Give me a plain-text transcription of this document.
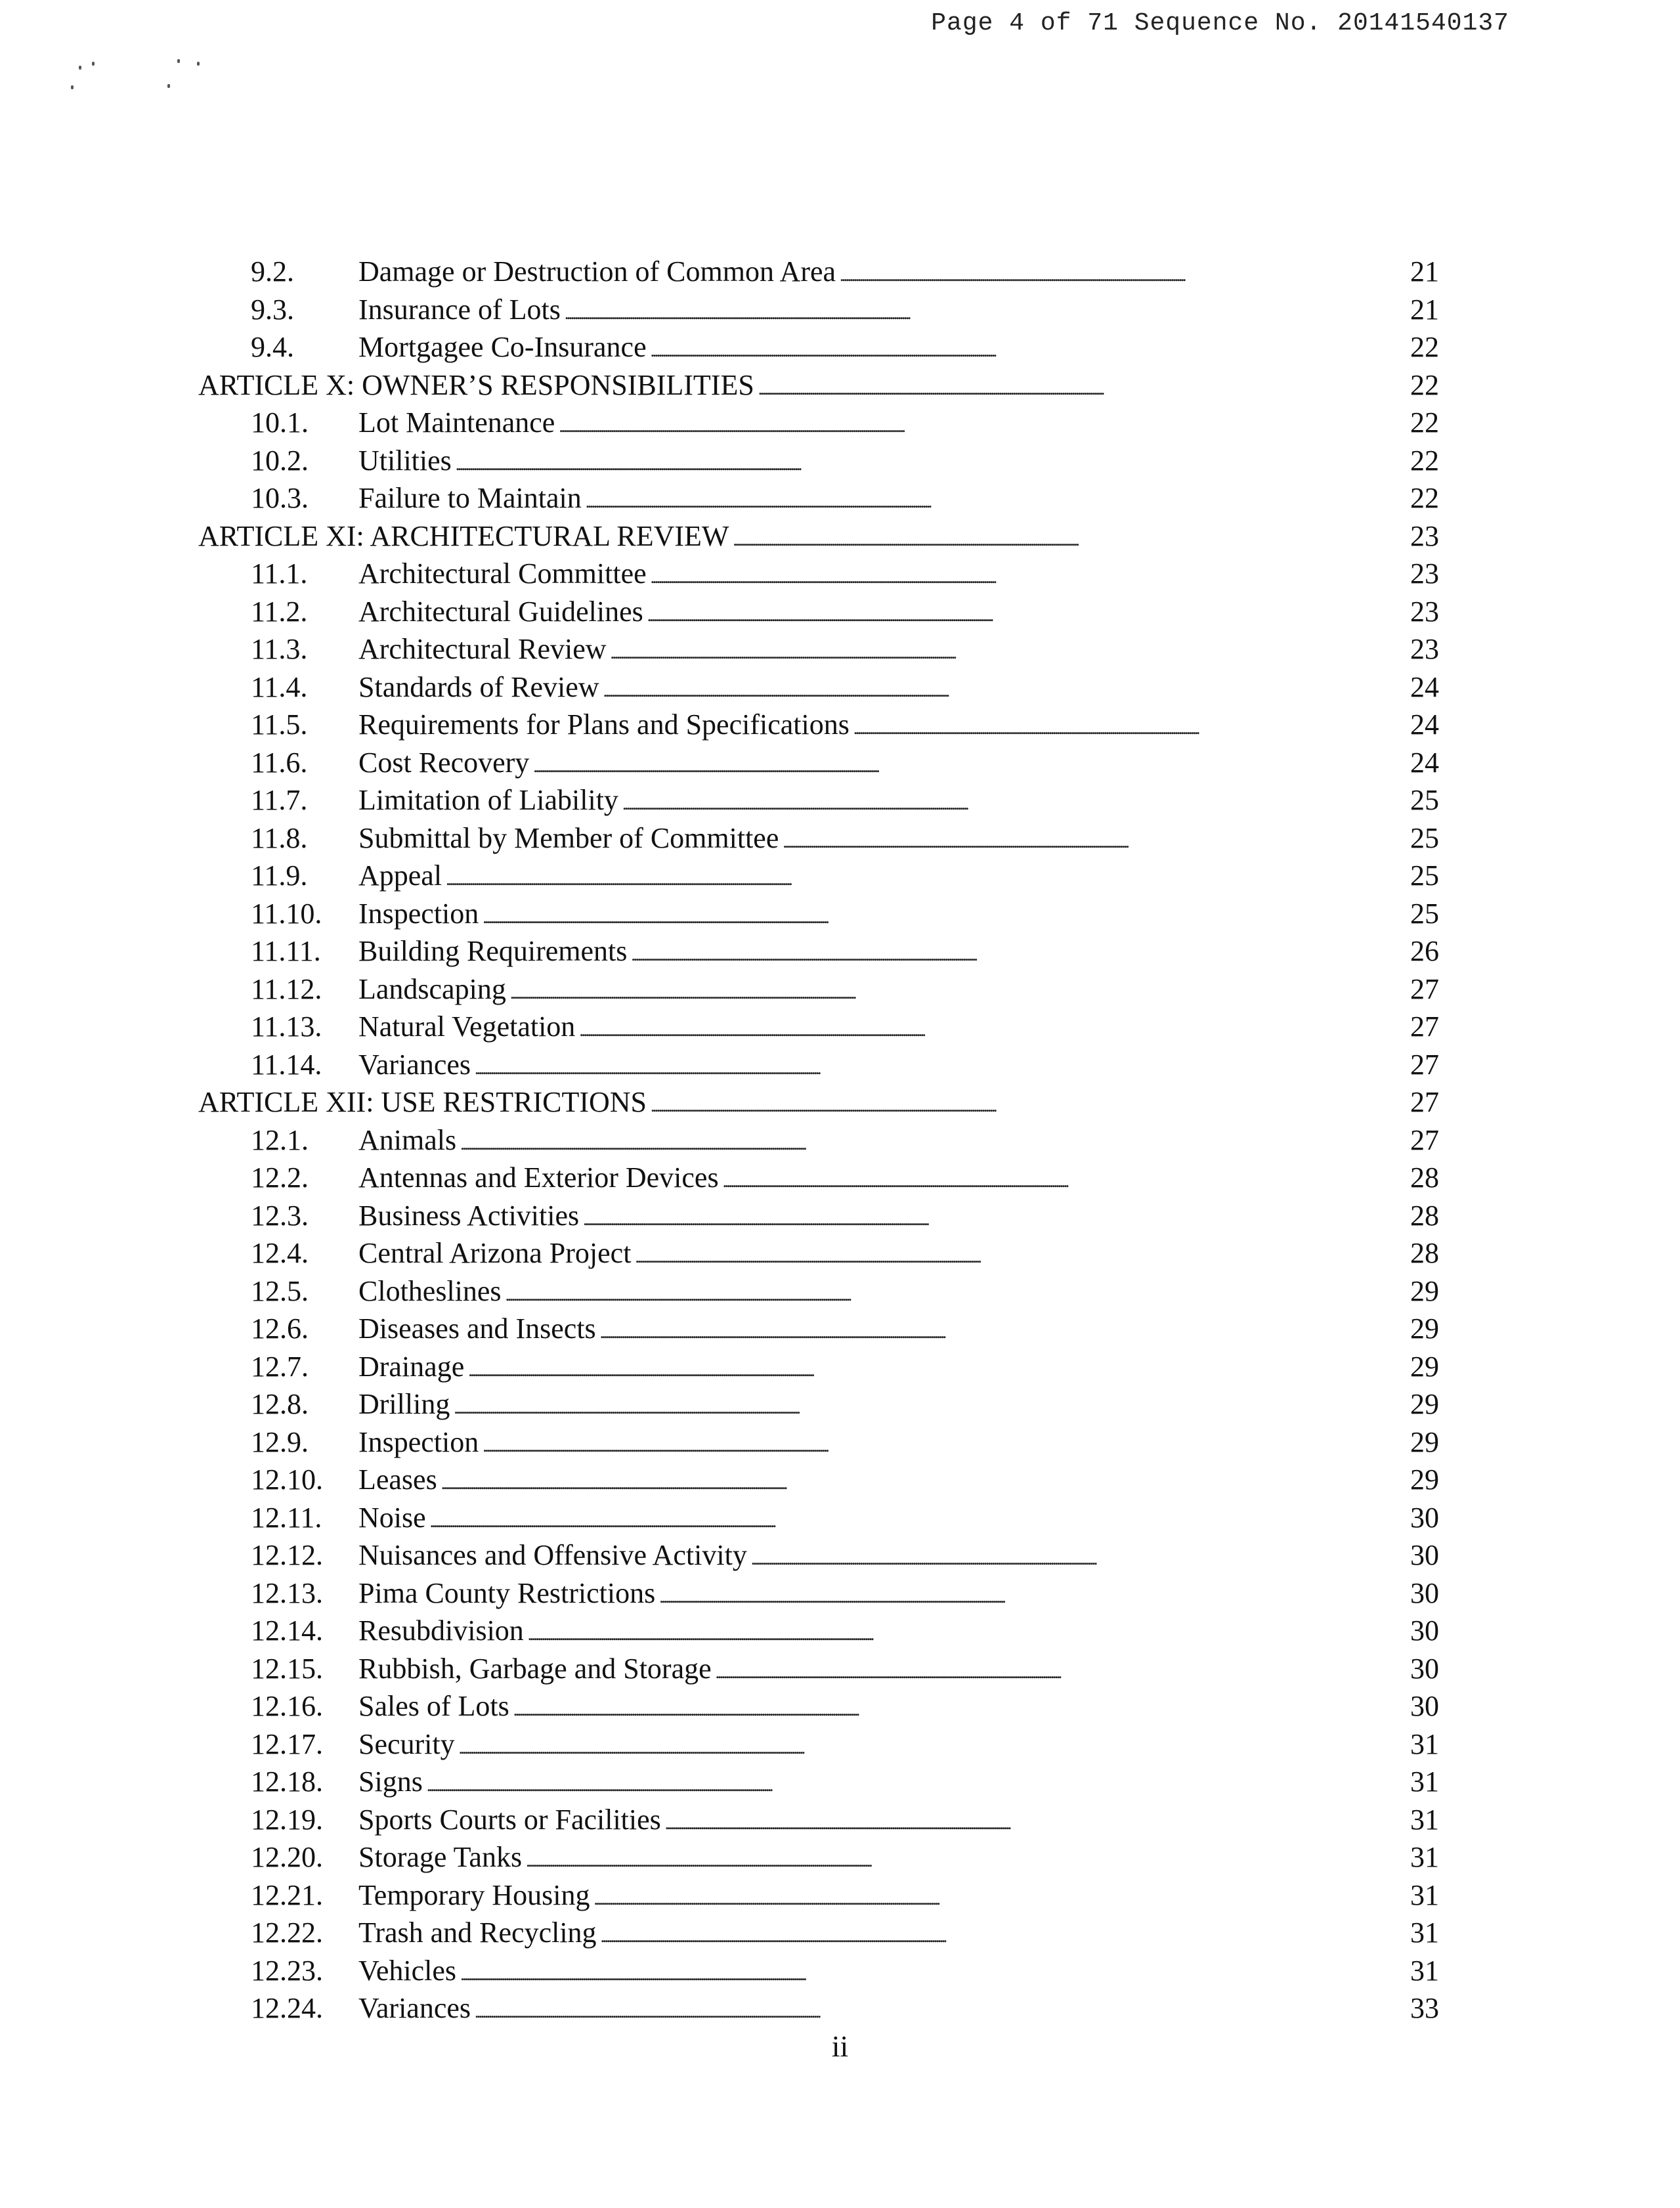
Page 4 of 71 Sequence No. 20141540137
9.2.	Damage or Destruction of Common Area . . .	21
9.3.	Insurance of Lots . . .	21
9.4.	Mortgagee Co-Insurance . . .	22
ARTICLE X: OWNER’S RESPONSIBILITIES . . .	22
10.1.	Lot Maintenance . . .	22
10.2.	Utilities . . .	22
10.3.	Failure to Maintain . . .	22
ARTICLE XI: ARCHITECTURAL REVIEW . . .	23
11.1.	Architectural Committee . . .	23
11.2.	Architectural Guidelines . . .	23
11.3.	Architectural Review . . .	23
11.4.	Standards of Review . . .	24
11.5.	Requirements for Plans and Specifications . . .	24
11.6.	Cost Recovery . . .	24
11.7.	Limitation of Liability . . .	25
11.8.	Submittal by Member of Committee . . .	25
11.9.	Appeal . . .	25
11.10.	Inspection . . .	25
11.11.	Building Requirements . . .	26
11.12.	Landscaping . . .	27
11.13.	Natural Vegetation . . .	27
11.14.	Variances . . .	27
ARTICLE XII: USE RESTRICTIONS . . .	27
12.1.	Animals . . .	27
12.2.	Antennas and Exterior Devices . . .	28
12.3.	Business Activities . . .	28
12.4.	Central Arizona Project . . .	28
12.5.	Clotheslines . . .	29
12.6.	Diseases and Insects . . .	29
12.7.	Drainage . . .	29
12.8.	Drilling . . .	29
12.9.	Inspection . . .	29
12.10.	Leases . . .	29
12.11.	Noise . . .	30
12.12.	Nuisances and Offensive Activity . . .	30
12.13.	Pima County Restrictions . . .	30
12.14.	Resubdivision . . .	30
12.15.	Rubbish, Garbage and Storage . . .	30
12.16.	Sales of Lots . . .	30
12.17.	Security . . .	31
12.18.	Signs . . .	31
12.19.	Sports Courts or Facilities . . .	31
12.20.	Storage Tanks . . .	31
12.21.	Temporary Housing . . .	31
12.22.	Trash and Recycling . . .	31
12.23.	Vehicles . . .	31
12.24.	Variances . . .	33
ii
